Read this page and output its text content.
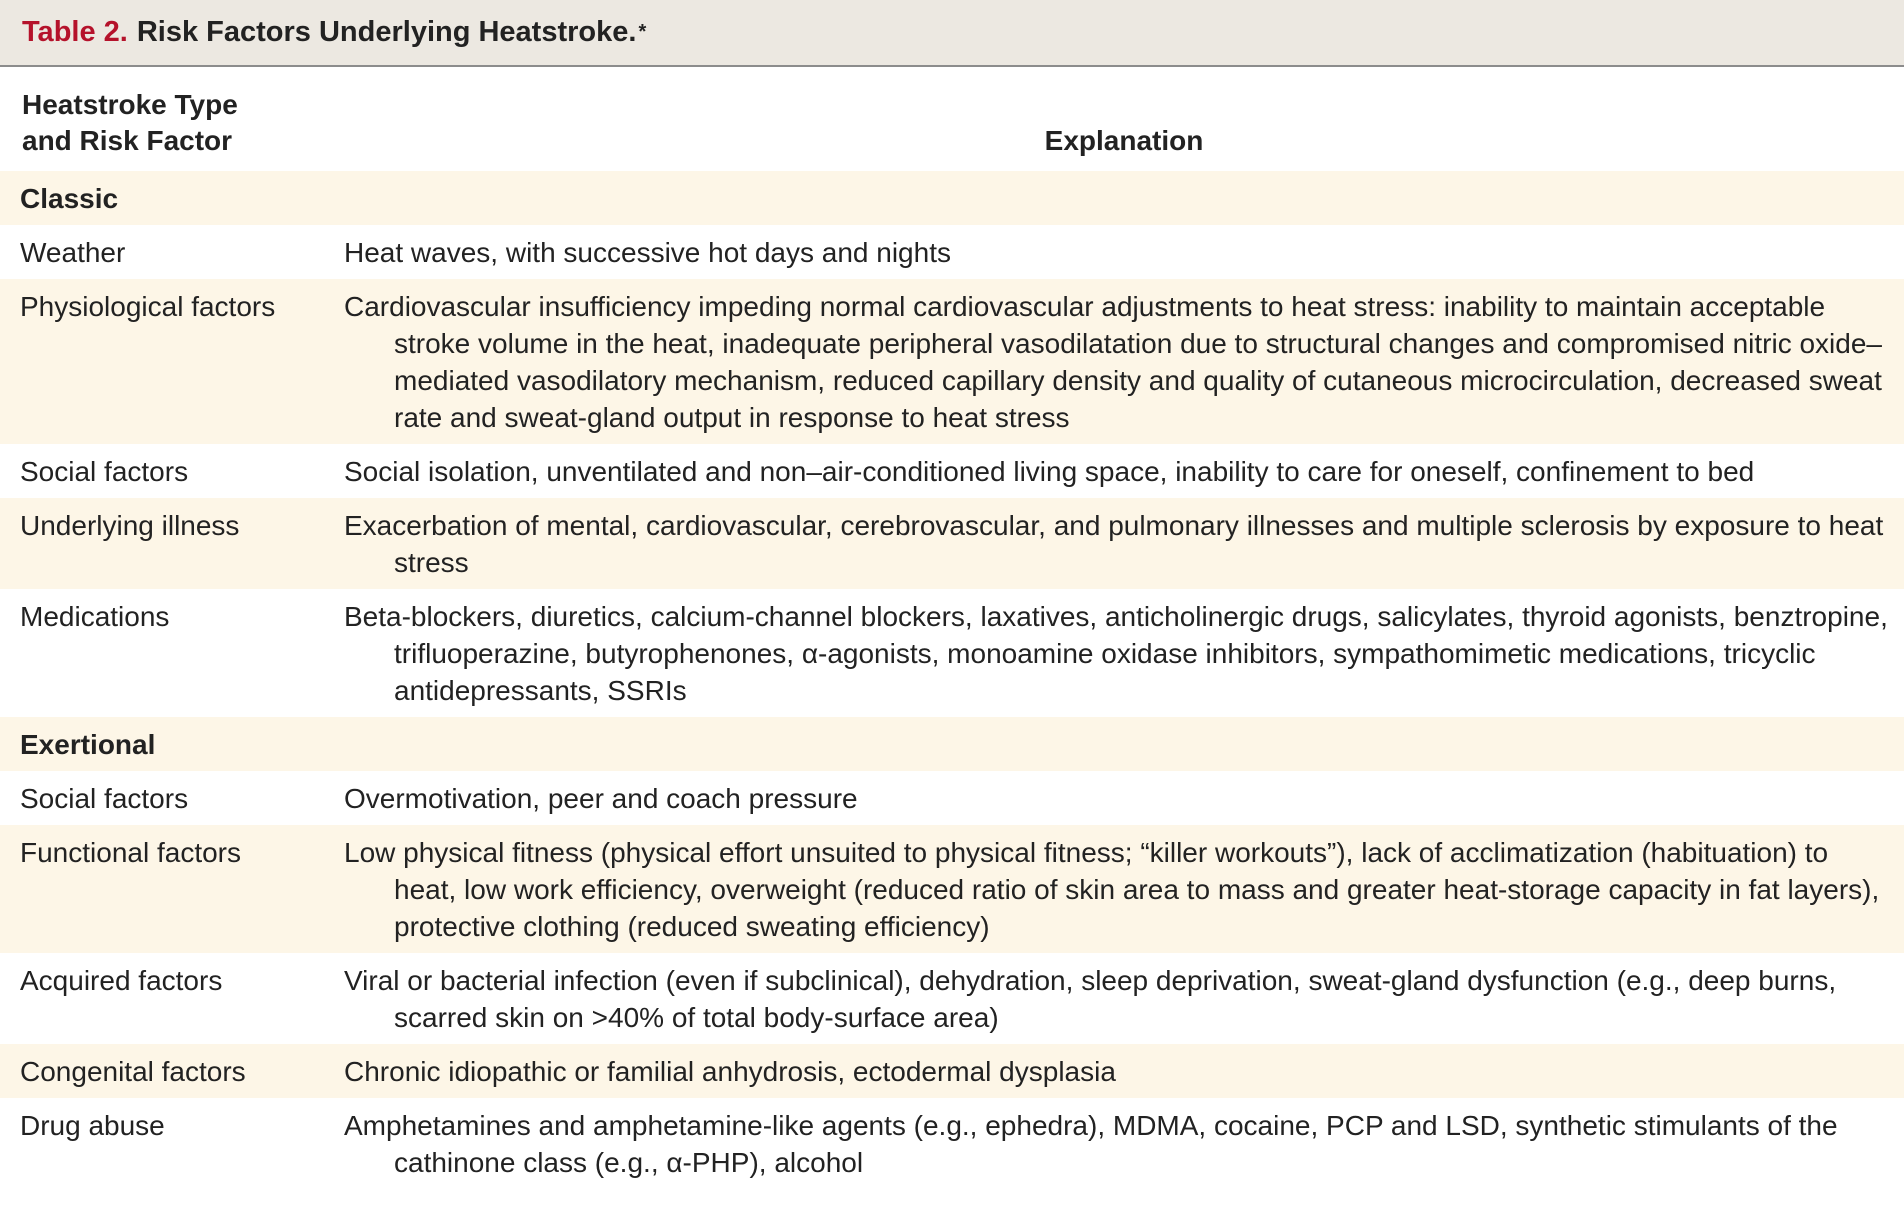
Table 2. Risk Factors Underlying Heatstroke. *
Heatstroke Type
and Risk Factor	Explanation
Classic	
Weather	Heat waves, with successive hot days and nights

Physiological factors	Cardiovascular insufficiency impeding normal cardiovascular adjustments to heat stress: inability to maintain acceptable stroke volume in the heat, inadequate peripheral vasodilatation due to structural changes and compromised nitric oxide–mediated vasodilatory mechanism, reduced capillary density and quality of cutaneous microcirculation, decreased sweat rate and sweat-gland output in response to heat stress

Social factors	Social isolation, unventilated and non–air-conditioned living space, inability to care for oneself, confinement to bed

Underlying illness	Exacerbation of mental, cardiovascular, cerebrovascular, and pulmonary illnesses and multiple sclerosis by exposure to heat stress

Medications	Beta-blockers, diuretics, calcium-channel blockers, laxatives, anticholinergic drugs, salicylates, thyroid agonists, benztropine, trifluoperazine, butyrophenones, α-agonists, monoamine oxidase inhibitors, sympathomimetic medications, tricyclic antidepressants, SSRIs

Exertional	
Social factors	Overmotivation, peer and coach pressure

Functional factors	Low physical fitness (physical effort unsuited to physical fitness; “killer workouts”), lack of acclimatization (habituation) to heat, low work efficiency, overweight (reduced ratio of skin area to mass and greater heat-storage capacity in fat layers), protective clothing (reduced sweating efficiency)

Acquired factors	Viral or bacterial infection (even if subclinical), dehydration, sleep deprivation, sweat-gland dysfunction (e.g., deep burns, scarred skin on >40% of total body-surface area)

Congenital factors	Chronic idiopathic or familial anhydrosis, ectodermal dysplasia

Drug abuse	Amphetamines and amphetamine-like agents (e.g., ephedra), MDMA, cocaine, PCP and LSD, synthetic stimulants of the cathinone class (e.g., α-PHP), alcohol
